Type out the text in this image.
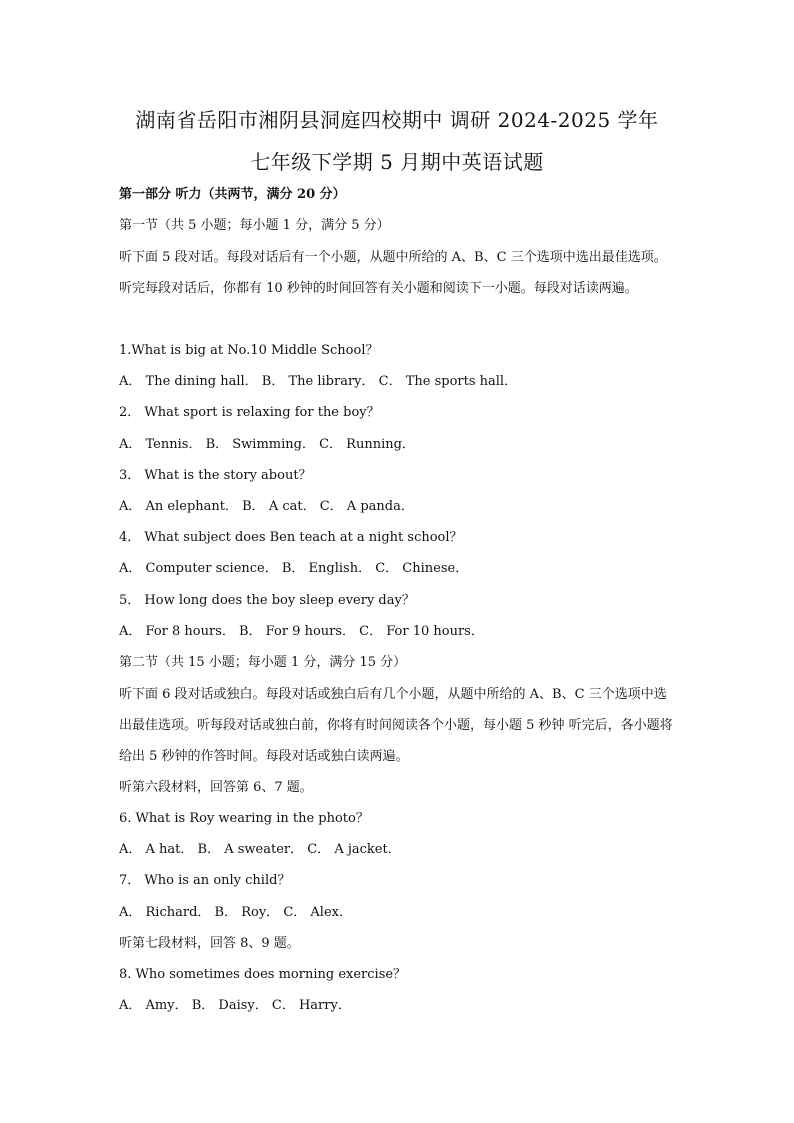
湖南省岳阳市湘阴县洞庭四校期中 调研 2024-2025 学年
七年级下学期 5 月期中英语试题
第一部分 听力（共两节，满分 20 分）
第一节（共 5 小题；每小题 1 分，满分 5 分）
听下面 5 段对话。每段对话后有一个小题，从题中所给的 A、B、C 三个选项中选出最佳选项。听完每段对话后，你都有 10 秒钟的时间回答有关小题和阅读下一小题。每段对话读两遍。
1.What is big at No.10 Middle School？
A． The dining hall． B． The library． C． The sports hall．
2． What sport is relaxing for the boy？
A． Tennis． B． Swimming． C． Running．
3． What is the story about？
A． An elephant． B． A cat． C． A panda．
4． What subject does Ben teach at a night school？
A． Computer science． B． English． C． Chinese．
5． How long does the boy sleep every day？
A． For 8 hours． B． For 9 hours． C． For 10 hours．
第二节（共 15 小题；每小题 1 分，满分 15 分）
听下面 6 段对话或独白。每段对话或独白后有几个小题，从题中所给的 A、B、C 三个选项中选出最佳选项。听每段对话或独白前，你将有时间阅读各个小题，每小题 5 秒钟 听完后，各小题将给出 5 秒钟的作答时间。每段对话或独白读两遍。
听第六段材料，回答第 6、7 题。
6. What is Roy wearing in the photo？
A． A hat． B． A sweater． C． A jacket．
7． Who is an only child？
A． Richard． B． Roy． C． Alex．
听第七段材料，回答 8、9 题。
8. Who sometimes does morning exercise？
A． Amy． B． Daisy． C． Harry．
